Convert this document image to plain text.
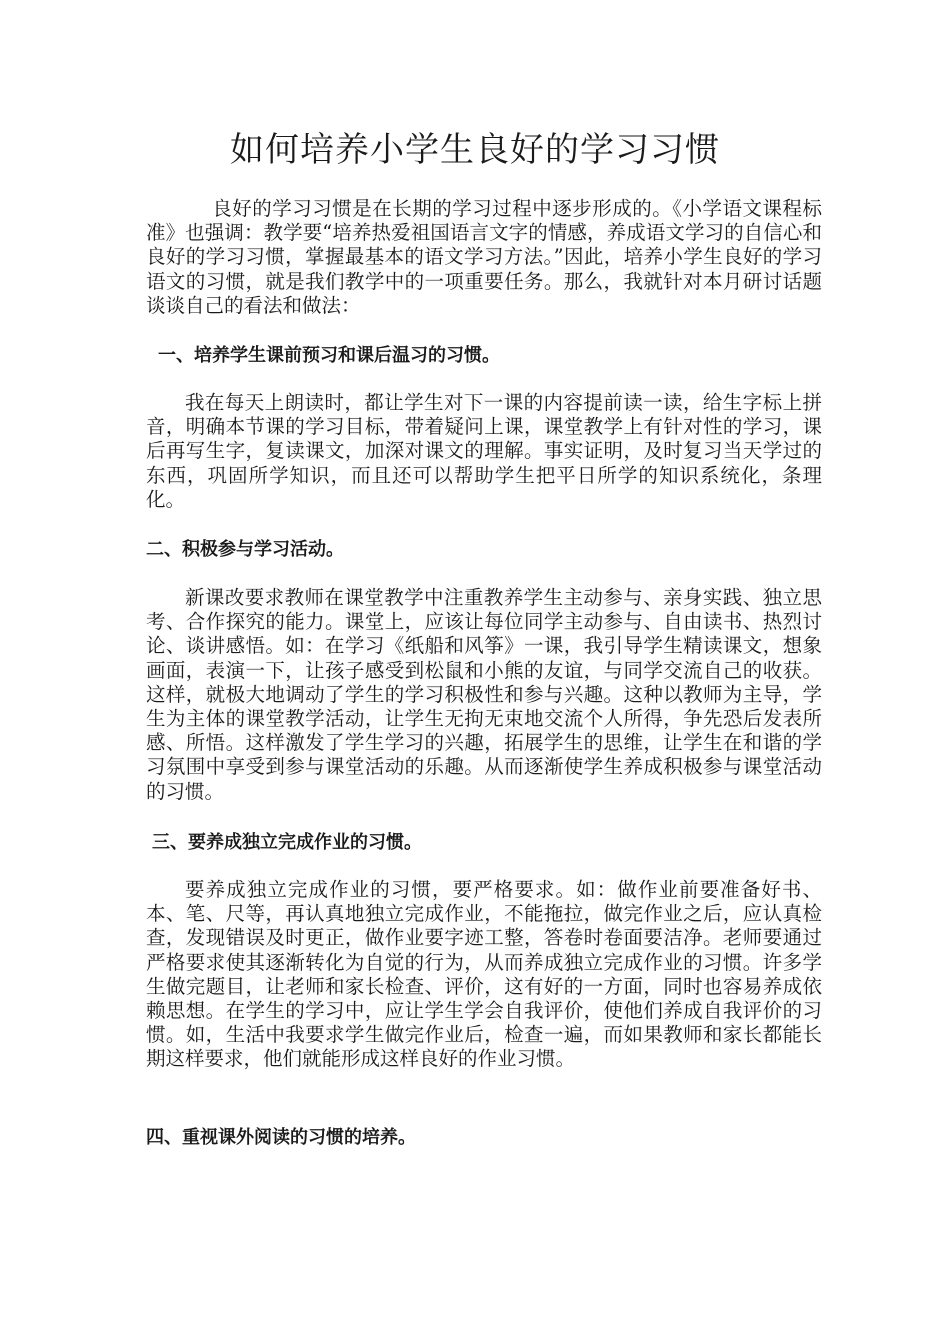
如何培养小学生良好的学习习惯

良好的学习习惯是在长期的学习过程中逐步形成的。《小学语文课程标准》也强调：教学要“培养热爱祖国语言文字的情感，养成语文学习的自信心和良好的学习习惯，掌握最基本的语文学习方法。”因此，培养小学生良好的学习语文的习惯，就是我们教学中的一项重要任务。那么，我就针对本月研讨话题谈谈自己的看法和做法：

一、培养学生课前预习和课后温习的习惯。

我在每天上朗读时，都让学生对下一课的内容提前读一读，给生字标上拼音，明确本节课的学习目标，带着疑问上课，课堂教学上有针对性的学习，课后再写生字，复读课文，加深对课文的理解。事实证明，及时复习当天学过的东西，巩固所学知识，而且还可以帮助学生把平日所学的知识系统化，条理化。

二、积极参与学习活动。

新课改要求教师在课堂教学中注重教养学生主动参与、亲身实践、独立思考、合作探究的能力。课堂上，应该让每位同学主动参与、自由读书、热烈讨论、谈讲感悟。如：在学习《纸船和风筝》一课，我引导学生精读课文，想象画面，表演一下，让孩子感受到松鼠和小熊的友谊，与同学交流自己的收获。这样，就极大地调动了学生的学习积极性和参与兴趣。这种以教师为主导，学生为主体的课堂教学活动，让学生无拘无束地交流个人所得，争先恐后发表所感、所悟。这样激发了学生学习的兴趣，拓展学生的思维，让学生在和谐的学习氛围中享受到参与课堂活动的乐趣。从而逐渐使学生养成积极参与课堂活动的习惯。

三、要养成独立完成作业的习惯。

要养成独立完成作业的习惯，要严格要求。如：做作业前要准备好书、本、笔、尺等，再认真地独立完成作业，不能拖拉，做完作业之后，应认真检查，发现错误及时更正，做作业要字迹工整，答卷时卷面要洁净。老师要通过严格要求使其逐渐转化为自觉的行为，从而养成独立完成作业的习惯。许多学生做完题目，让老师和家长检查、评价，这有好的一方面，同时也容易养成依赖思想。在学生的学习中，应让学生学会自我评价，使他们养成自我评价的习惯。如，生活中我要求学生做完作业后，检查一遍，而如果教师和家长都能长期这样要求，他们就能形成这样良好的作业习惯。

四、重视课外阅读的习惯的培养。
